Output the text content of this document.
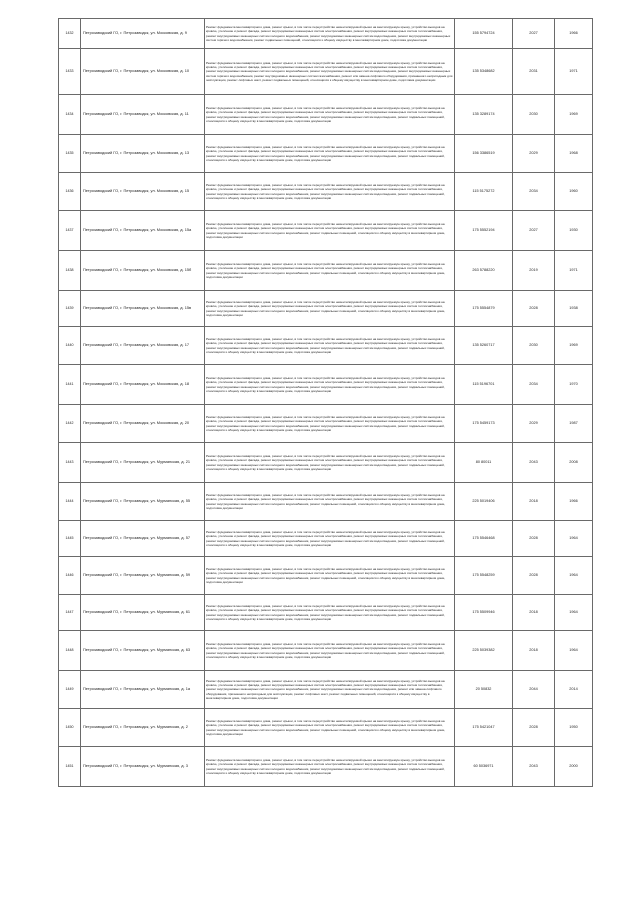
1432	Петрозаводский ГО, г. Петрозаводск, ул. Московская, д. 9	Ремонт фундамента многоквартирного дома, ремонт крыши, в том числе переустройство невентилируемой крыши на вентилируемую крышу, устройство выходов на кровлю, утепление и ремонт фасада, ремонт внутридомовых инженерных систем электроснабжения, ремонт внутридомовых инженерных систем теплоснабжения, ремонт внутридомовых инженерных систем холодного водоснабжения, ремонт внутридомовых инженерных систем водоотведения, ремонт внутридомовых инженерных систем горячего водоснабжения, ремонт подвальных помещений, относящихся к общему имуществу в многоквартирном доме, подготовка документации	155 5794724	2027	1966
1433	Петрозаводский ГО, г. Петрозаводск, ул. Московская, д. 10	Ремонт фундамента многоквартирного дома, ремонт крыши, в том числе переустройство невентилируемой крыши на вентилируемую крышу, устройство выходов на кровлю, утепление и ремонт фасада, ремонт внутридомовых инженерных систем электроснабжения, ремонт внутридомовых инженерных систем теплоснабжения, ремонт внутридомовых инженерных систем холодного водоснабжения, ремонт внутридомовых инженерных систем водоотведения, ремонт внутридомовых инженерных систем горячего водоснабжения, ремонт внутридомовых инженерных систем газоснабжения, ремонт или замена лифтового оборудования, признанного непригодным для эксплуатации, ремонт лифтовых шахт, ремонт подвальных помещений, относящихся к общему имуществу в многоквартирном доме, подготовка документации	135 5348682	2031	1971
1434	Петрозаводский ГО, г. Петрозаводск, ул. Московская, д. 11	Ремонт фундамента многоквартирного дома, ремонт крыши, в том числе переустройство невентилируемой крыши на вентилируемую крышу, устройство выходов на кровлю, утепление и ремонт фасада, ремонт внутридомовых инженерных систем электроснабжения, ремонт внутридомовых инженерных систем теплоснабжения, ремонт внутридомовых инженерных систем холодного водоснабжения, ремонт внутридомовых инженерных систем водоотведения, ремонт подвальных помещений, относящихся к общему имуществу в многоквартирном доме, подготовка документации	135 3289174	2030	1969
1435	Петрозаводский ГО, г. Петрозаводск, ул. Московская, д. 13	Ремонт фундамента многоквартирного дома, ремонт крыши, в том числе переустройство невентилируемой крыши на вентилируемую крышу, устройство выходов на кровлю, утепление и ремонт фасада, ремонт внутридомовых инженерных систем электроснабжения, ремонт внутридомовых инженерных систем теплоснабжения, ремонт внутридомовых инженерных систем холодного водоснабжения, ремонт внутридомовых инженерных систем водоотведения, ремонт подвальных помещений, относящихся к общему имуществу в многоквартирном доме, подготовка документации	156 3386519	2029	1968
1436	Петрозаводский ГО, г. Петрозаводск, ул. Московская, д. 15	Ремонт фундамента многоквартирного дома, ремонт крыши, в том числе переустройство невентилируемой крыши на вентилируемую крышу, устройство выходов на кровлю, утепление и ремонт фасада, ремонт внутридомовых инженерных систем электроснабжения, ремонт внутридомовых инженерных систем теплоснабжения, ремонт внутридомовых инженерных систем холодного водоснабжения, ремонт внутридомовых инженерных систем водоотведения, ремонт подвальных помещений, относящихся к общему имуществу в многоквартирном доме, подготовка документации	115 5175272	2034	1960
1437	Петрозаводский ГО, г. Петрозаводск, ул. Московская, д. 15а	Ремонт фундамента многоквартирного дома, ремонт крыши, в том числе переустройство невентилируемой крыши на вентилируемую крышу, устройство выходов на кровлю, утепление и ремонт фасада, ремонт внутридомовых инженерных систем электроснабжения, ремонт внутридомовых инженерных систем теплоснабжения, ремонт внутридомовых инженерных систем холодного водоснабжения, ремонт подвальных помещений, относящихся к общему имуществу в многоквартирном доме, подготовка документации	175 5552194	2027	1930
1438	Петрозаводский ГО, г. Петрозаводск, ул. Московская, д. 15б	Ремонт фундамента многоквартирного дома, ремонт крыши, в том числе переустройство невентилируемой крыши на вентилируемую крышу, устройство выходов на кровлю, утепление и ремонт фасада, ремонт внутридомовых инженерных систем электроснабжения, ремонт внутридомовых инженерных систем теплоснабжения, ремонт внутридомовых инженерных систем холодного водоснабжения, ремонт подвальных помещений, относящихся к общему имуществу в многоквартирном доме, подготовка документации	263 5788220	2019	1971
1439	Петрозаводский ГО, г. Петрозаводск, ул. Московская, д. 15в	Ремонт фундамента многоквартирного дома, ремонт крыши, в том числе переустройство невентилируемой крыши на вентилируемую крышу, устройство выходов на кровлю, утепление и ремонт фасада, ремонт внутридомовых инженерных систем электроснабжения, ремонт внутридомовых инженерных систем теплоснабжения, ремонт внутридомовых инженерных систем холодного водоснабжения, ремонт подвальных помещений, относящихся к общему имуществу в многоквартирном доме, подготовка документации	175 5554879	2028	1938
1440	Петрозаводский ГО, г. Петрозаводск, ул. Московская, д. 17	Ремонт фундамента многоквартирного дома, ремонт крыши, в том числе переустройство невентилируемой крыши на вентилируемую крышу, устройство выходов на кровлю, утепление и ремонт фасада, ремонт внутридомовых инженерных систем электроснабжения, ремонт внутридомовых инженерных систем теплоснабжения, ремонт внутридомовых инженерных систем холодного водоснабжения, ремонт внутридомовых инженерных систем водоотведения, ремонт подвальных помещений, относящихся к общему имуществу в многоквартирном доме, подготовка документации	135 5260717	2030	1969
1441	Петрозаводский ГО, г. Петрозаводск, ул. Московская, д. 18	Ремонт фундамента многоквартирного дома, ремонт крыши, в том числе переустройство невентилируемой крыши на вентилируемую крышу, устройство выходов на кровлю, утепление и ремонт фасада, ремонт внутридомовых инженерных систем электроснабжения, ремонт внутридомовых инженерных систем теплоснабжения, ремонт внутридомовых инженерных систем холодного водоснабжения, ремонт внутридомовых инженерных систем водоотведения, ремонт подвальных помещений, относящихся к общему имуществу в многоквартирном доме, подготовка документации	115 5196701	2034	1970
1442	Петрозаводский ГО, г. Петрозаводск, ул. Московская, д. 20	Ремонт фундамента многоквартирного дома, ремонт крыши, в том числе переустройство невентилируемой крыши на вентилируемую крышу, устройство выходов на кровлю, утепление и ремонт фасада, ремонт внутридомовых инженерных систем электроснабжения, ремонт внутридомовых инженерных систем теплоснабжения, ремонт внутридомовых инженерных систем холодного водоснабжения, ремонт внутридомовых инженерных систем водоотведения, ремонт подвальных помещений, относящихся к общему имуществу в многоквартирном доме, подготовка документации	175 5459173	2029	1987
1443	Петрозаводский ГО, г. Петрозаводск, ул. Мурманская, д. 21	Ремонт фундамента многоквартирного дома, ремонт крыши, в том числе переустройство невентилируемой крыши на вентилируемую крышу, устройство выходов на кровлю, утепление и ремонт фасада, ремонт внутридомовых инженерных систем электроснабжения, ремонт внутридомовых инженерных систем теплоснабжения, ремонт внутридомовых инженерных систем холодного водоснабжения, ремонт внутридомовых инженерных систем водоотведения, ремонт подвальных помещений, относящихся к общему имуществу в многоквартирном доме, подготовка документации	80 80011	2043	2008
1444	Петрозаводский ГО, г. Петрозаводск, ул. Мурманская, д. 55	Ремонт фундамента многоквартирного дома, ремонт крыши, в том числе переустройство невентилируемой крыши на вентилируемую крышу, устройство выходов на кровлю, утепление и ремонт фасада, ремонт внутридомовых инженерных систем электроснабжения, ремонт внутридомовых инженерных систем теплоснабжения, ремонт внутридомовых инженерных систем холодного водоснабжения, ремонт подвальных помещений, относящихся к общему имуществу в многоквартирном доме, подготовка документации	225 5019406	2018	1966
1445	Петрозаводский ГО, г. Петрозаводск, ул. Мурманская, д. 57	Ремонт фундамента многоквартирного дома, ремонт крыши, в том числе переустройство невентилируемой крыши на вентилируемую крышу, устройство выходов на кровлю, утепление и ремонт фасада, ремонт внутридомовых инженерных систем электроснабжения, ремонт внутридомовых инженерных систем теплоснабжения, ремонт внутридомовых инженерных систем холодного водоснабжения, ремонт внутридомовых инженерных систем водоотведения, ремонт подвальных помещений, относящихся к общему имуществу в многоквартирном доме, подготовка документации	175 5546468	2028	1964
1446	Петрозаводский ГО, г. Петрозаводск, ул. Мурманская, д. 59	Ремонт фундамента многоквартирного дома, ремонт крыши, в том числе переустройство невентилируемой крыши на вентилируемую крышу, устройство выходов на кровлю, утепление и ремонт фасада, ремонт внутридомовых инженерных систем электроснабжения, ремонт внутридомовых инженерных систем теплоснабжения, ремонт внутридомовых инженерных систем холодного водоснабжения, ремонт подвальных помещений, относящихся к общему имуществу в многоквартирном доме, подготовка документации	175 5548259	2028	1964
1447	Петрозаводский ГО, г. Петрозаводск, ул. Мурманская, д. 61	Ремонт фундамента многоквартирного дома, ремонт крыши, в том числе переустройство невентилируемой крыши на вентилируемую крышу, устройство выходов на кровлю, утепление и ремонт фасада, ремонт внутридомовых инженерных систем электроснабжения, ремонт внутридомовых инженерных систем теплоснабжения, ремонт внутридомовых инженерных систем холодного водоснабжения, ремонт внутридомовых инженерных систем водоотведения, ремонт подвальных помещений, относящихся к общему имуществу в многоквартирном доме, подготовка документации	175 5509946	2018	1964
1448	Петрозаводский ГО, г. Петрозаводск, ул. Мурманская, д. 63	Ремонт фундамента многоквартирного дома, ремонт крыши, в том числе переустройство невентилируемой крыши на вентилируемую крышу, устройство выходов на кровлю, утепление и ремонт фасада, ремонт внутридомовых инженерных систем электроснабжения, ремонт внутридомовых инженерных систем теплоснабжения, ремонт внутридомовых инженерных систем холодного водоснабжения, ремонт внутридомовых инженерных систем водоотведения, ремонт подвальных помещений, относящихся к общему имуществу в многоквартирном доме, подготовка документации	225 5039382	2018	1964
1449	Петрозаводский ГО, г. Петрозаводск, ул. Мурманская, д. 1а	Ремонт фундамента многоквартирного дома, ремонт крыши, в том числе переустройство невентилируемой крыши на вентилируемую крышу, устройство выходов на кровлю, утепление и ремонт фасада, ремонт внутридомовых инженерных систем электроснабжения, ремонт внутридомовых инженерных систем теплоснабжения, ремонт внутридомовых инженерных систем холодного водоснабжения, ремонт внутридомовых инженерных систем водоотведения, ремонт или замена лифтового оборудования, признанного непригодным для эксплуатации, ремонт лифтовых шахт, ремонт подвальных помещений, относящихся к общему имуществу в многоквартирном доме, подготовка документации	20 50832	2044	2014
1450	Петрозаводский ГО, г. Петрозаводск, ул. Мурманская, д. 2	Ремонт фундамента многоквартирного дома, ремонт крыши, в том числе переустройство невентилируемой крыши на вентилируемую крышу, устройство выходов на кровлю, утепление и ремонт фасада, ремонт внутридомовых инженерных систем электроснабжения, ремонт внутридомовых инженерных систем теплоснабжения, ремонт внутридомовых инженерных систем холодного водоснабжения, ремонт подвальных помещений, относящихся к общему имуществу в многоквартирном доме, подготовка документации	175 5421047	2028	1950
1451	Петрозаводский ГО, г. Петрозаводск, ул. Мурманская, д. 3	Ремонт фундамента многоквартирного дома, ремонт крыши, в том числе переустройство невентилируемой крыши на вентилируемую крышу, устройство выходов на кровлю, утепление и ремонт фасада, ремонт внутридомовых инженерных систем электроснабжения, ремонт внутридомовых инженерных систем теплоснабжения, ремонт внутридомовых инженерных систем холодного водоснабжения, ремонт внутридомовых инженерных систем водоотведения, ремонт подвальных помещений, относящихся к общему имуществу в многоквартирном доме, подготовка документации	60 5036971	2043	2000
